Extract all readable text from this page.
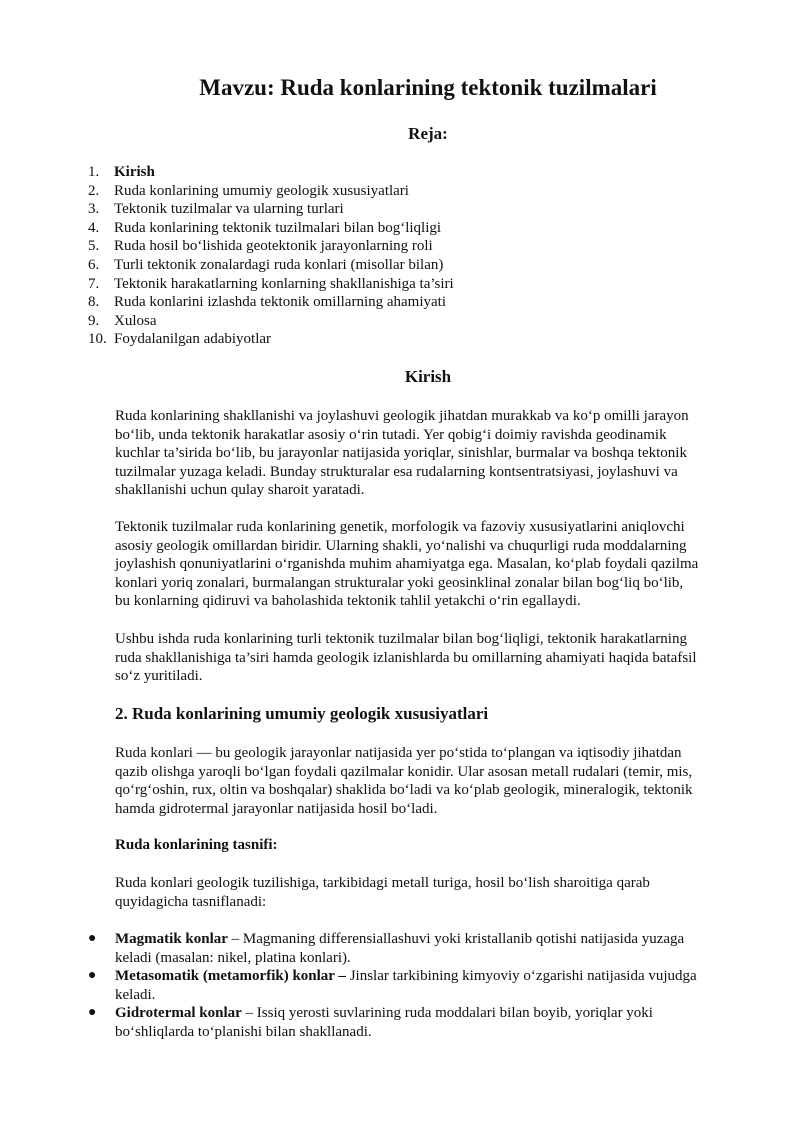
Mavzu: Ruda konlarining tektonik tuzilmalari
Reja:
1. Kirish
2. Ruda konlarining umumiy geologik xususiyatlari
3. Tektonik tuzilmalar va ularning turlari
4. Ruda konlarining tektonik tuzilmalari bilan bog‘liqligi
5. Ruda hosil bo‘lishida geotektonik jarayonlarning roli
6. Turli tektonik zonalardagi ruda konlari (misollar bilan)
7. Tektonik harakatlarning konlarning shakllanishiga ta’siri
8. Ruda konlarini izlashda tektonik omillarning ahamiyati
9. Xulosa
10. Foydalanilgan adabiyotlar
Kirish
Ruda konlarining shakllanishi va joylashuvi geologik jihatdan murakkab va ko‘p omilli jarayon
bo‘lib, unda tektonik harakatlar asosiy o‘rin tutadi. Yer qobig‘i doimiy ravishda geodinamik
kuchlar ta’sirida bo‘lib, bu jarayonlar natijasida yoriqlar, sinishlar, burmalar va boshqa tektonik
tuzilmalar yuzaga keladi. Bunday strukturalar esa rudalarning kontsentratsiyasi, joylashuvi va
shakllanishi uchun qulay sharoit yaratadi.
Tektonik tuzilmalar ruda konlarining genetik, morfologik va fazoviy xususiyatlarini aniqlovchi
asosiy geologik omillardan biridir. Ularning shakli, yo‘nalishi va chuqurligi ruda moddalarning
joylashish qonuniyatlarini o‘rganishda muhim ahamiyatga ega. Masalan, ko‘plab foydali qazilma
konlari yoriq zonalari, burmalangan strukturalar yoki geosinklinal zonalar bilan bog‘liq bo‘lib,
bu konlarning qidiruvi va baholashida tektonik tahlil yetakchi o‘rin egallaydi.
Ushbu ishda ruda konlarining turli tektonik tuzilmalar bilan bog‘liqligi, tektonik harakatlarning
ruda shakllanishiga ta’siri hamda geologik izlanishlarda bu omillarning ahamiyati haqida batafsil
so‘z yuritiladi.
2. Ruda konlarining umumiy geologik xususiyatlari
Ruda konlari — bu geologik jarayonlar natijasida yer po‘stida to‘plangan va iqtisodiy jihatdan
qazib olishga yaroqli bo‘lgan foydali qazilmalar konidir. Ular asosan metall rudalari (temir, mis,
qo‘rg‘oshin, rux, oltin va boshqalar) shaklida bo‘ladi va ko‘plab geologik, mineralogik, tektonik
hamda gidrotermal jarayonlar natijasida hosil bo‘ladi.
Ruda konlarining tasnifi:
Ruda konlari geologik tuzilishiga, tarkibidagi metall turiga, hosil bo‘lish sharoitiga qarab
quyidagicha tasniflanadi:
● Magmatik konlar – Magmaning differensiallashuvi yoki kristallanib qotishi natijasida yuzaga
keladi (masalan: nikel, platina konlari).
● Metasomatik (metamorfik) konlar – Jinslar tarkibining kimyoviy o‘zgarishi natijasida vujudga
keladi.
● Gidrotermal konlar – Issiq yerosti suvlarining ruda moddalari bilan boyib, yoriqlar yoki
bo‘shliqlarda to‘planishi bilan shakllanadi.
